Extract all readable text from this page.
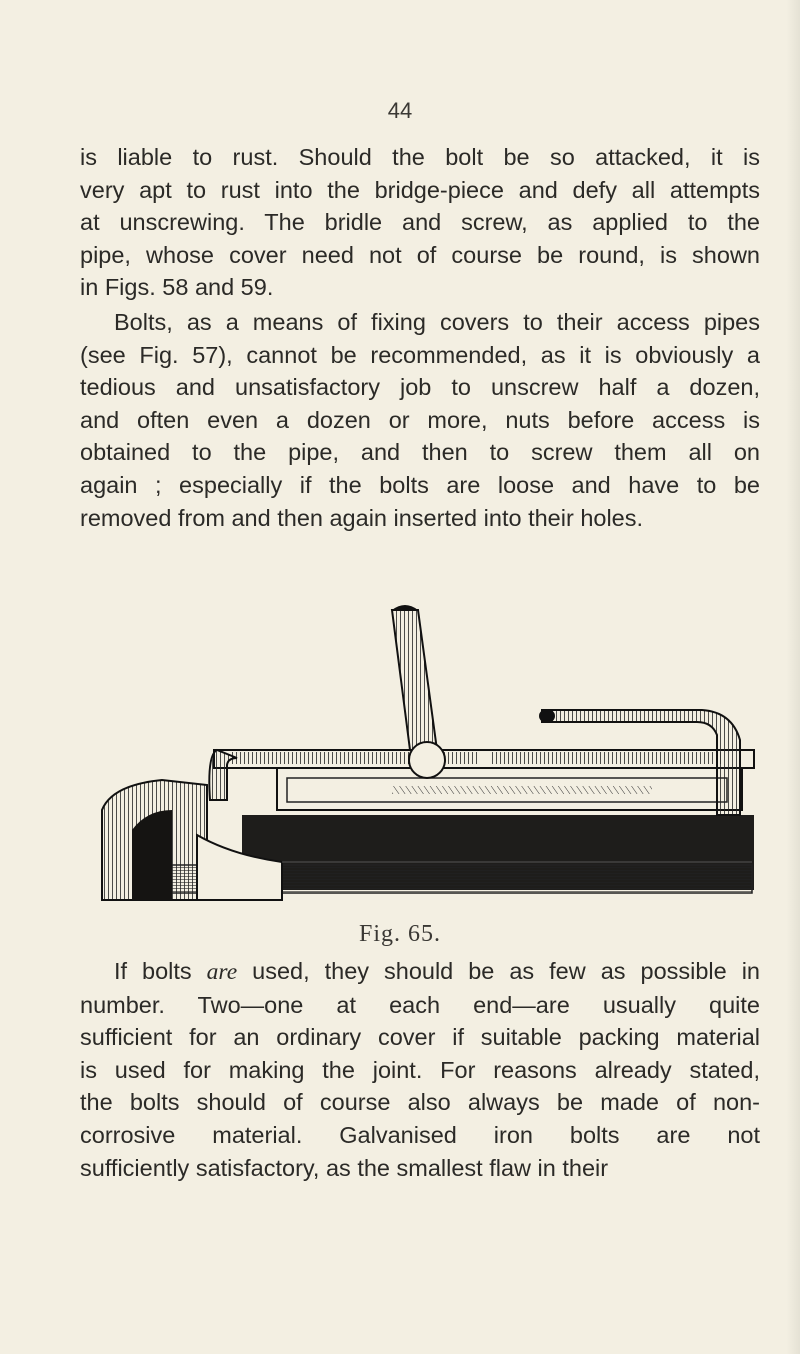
44

is liable to rust. Should the bolt be so attacked, it is
very apt to rust into the bridge-piece and defy all attempts
at unscrewing. The bridle and screw, as applied to the
pipe, whose cover need not of course be round, is shown
in Figs. 58 and 59.

Bolts, as a means of fixing covers to their access pipes
(see Fig. 57), cannot be recommended, as it is obviously a
tedious and unsatisfactory job to unscrew half a dozen,
and often even a dozen or more, nuts before access is
obtained to the pipe, and then to screw them all on
again ; especially if the bolts are loose and have to be
removed from and then again inserted into their holes.

Fig. 65.

If bolts are used, they should be as few as possible in
number. Two—one at each end—are usually quite
sufficient for an ordinary cover if suitable packing material
is used for making the joint. For reasons already stated,
the bolts should of course also always be made of non-
corrosive material. Galvanised iron bolts are not
sufficiently satisfactory, as the smallest flaw in their
